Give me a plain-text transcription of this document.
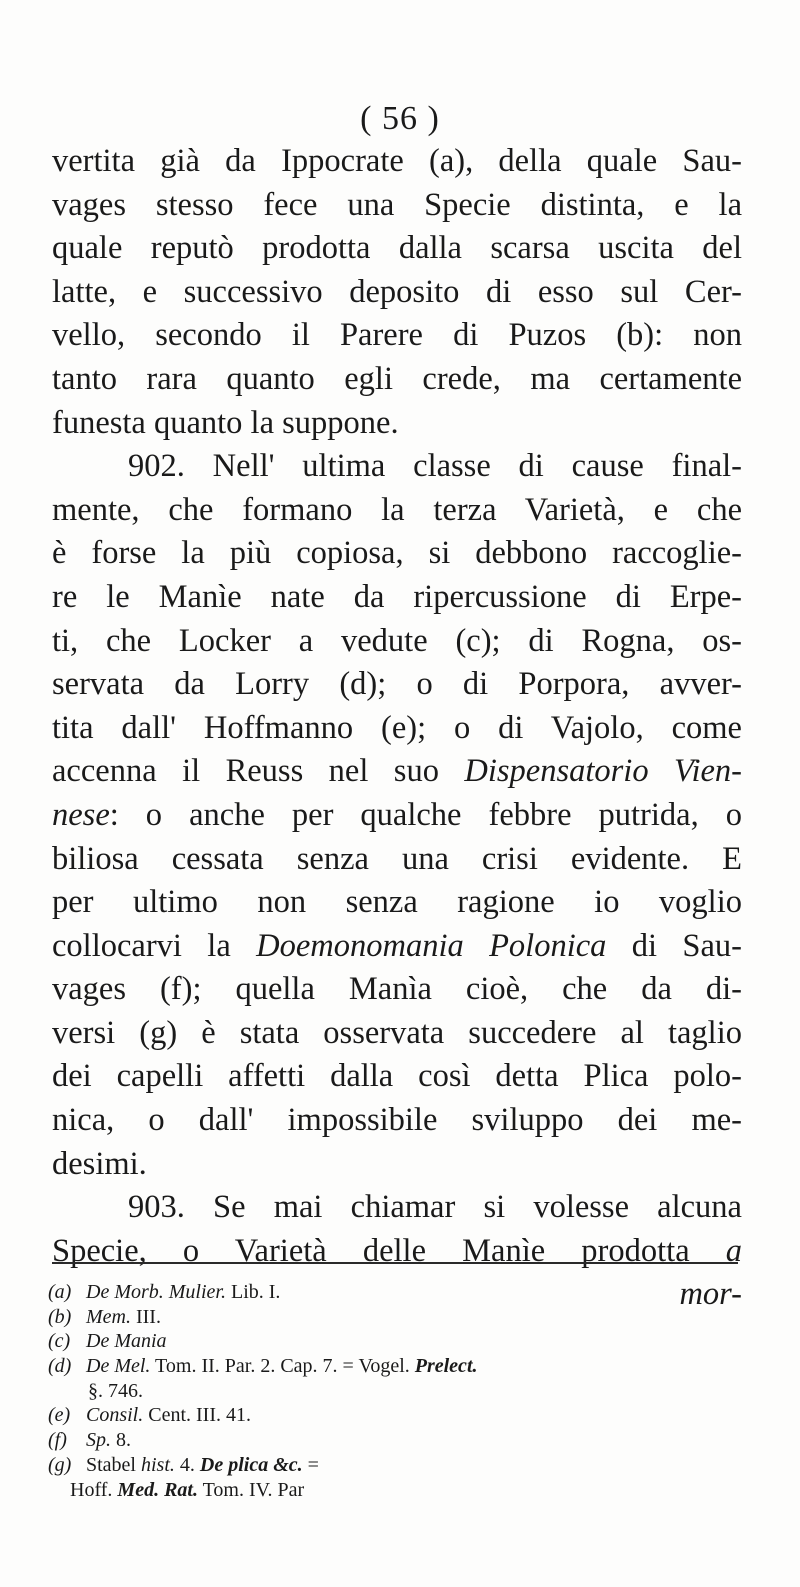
( 56 )
vertita già da Ippocrate (a), della quale Sau-
vages stesso fece una Specie distinta, e la
quale reputò prodotta dalla scarsa uscita del
latte, e successivo deposito di esso sul Cer-
vello, secondo il Parere di Puzos (b): non
tanto rara quanto egli crede, ma certamente
funesta quanto la suppone.
902. Nell' ultima classe di cause final-
mente, che formano la terza Varietà, e che
è forse la più copiosa, si debbono raccoglie-
re le Manìe nate da ripercussione di Erpe-
ti, che Locker a vedute (c); di Rogna, os-
servata da Lorry (d); o di Porpora, avver-
tita dall' Hoffmanno (e); o di Vajolo, come
accenna il Reuss nel suo Dispensatorio Vien-
nese: o anche per qualche febbre putrida, o
biliosa cessata senza una crisi evidente. E
per ultimo non senza ragione io voglio
collocarvi la Doemonomania Polonica di Sau-
vages (f); quella Manìa cioè, che da di-
versi (g) è stata osservata succedere al taglio
dei capelli affetti dalla così detta Plica polo-
nica, o dall' impossibile sviluppo dei me-
desimi.
903. Se mai chiamar si volesse alcuna
Specie, o Varietà delle Manìe prodotta a
mor-
(a) De Morb. Mulier. Lib. I.
(b) Mem. III.
(c) De Mania
(d) De Mel. Tom. II. Par. 2. Cap. 7. = Vogel. Prelect.
§. 746.
(e) Consil. Cent. III. 41.
(f) Sp. 8.
(g) Stabel hist. 4. De plica &c. =
Hoff. Med. Rat. Tom. IV. Par
